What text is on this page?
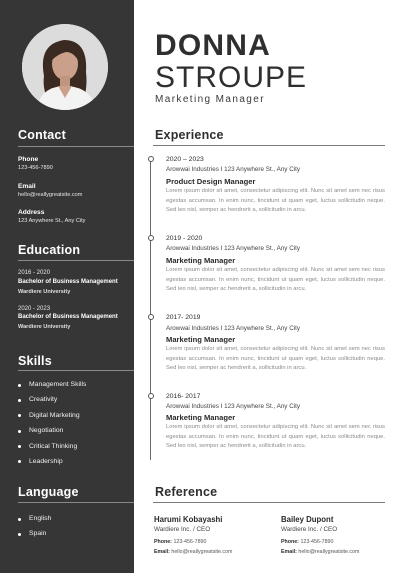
Contact
Phone
123-456-7890
Email
hello@reallygreatsite.com
Address
123 Anywhere St., Any City
Education
2016 - 2020
Bachelor of Business Management
Wardiere University
2020 - 2023
Bachelor of Business Management
Wardiere University
Skills
Management Skills
Creativity
Digital Marketing
Negotiation
Critical Thinking
Leadership
Language
English
Spain
DONNA
STROUPE
Marketing Manager
Experience
2020 – 2023
Arowwai Industries I 123 Anywhere St., Any City
Product Design Manager
Lorem ipsum dolor sit amet, consectetur adipiscing elit. Nunc sit amet sem nec risus egestas accumsan. In enim nunc, tincidunt ut quam eget, luctus sollicitudin neque. Sed leo nisl, semper ac hendrerit a, sollicitudin in arcu.
2019 - 2020
Arowwai Industries I 123 Anywhere St., Any City
Marketing Manager
Lorem ipsum dolor sit amet, consectetur adipiscing elit. Nunc sit amet sem nec risus egestas accumsan. In enim nunc, tincidunt ut quam eget, luctus sollicitudin neque. Sed leo nisl, semper ac hendrerit a, sollicitudin in arcu.
2017- 2019
Arowwai Industries I 123 Anywhere St., Any City
Marketing Manager
Lorem ipsum dolor sit amet, consectetur adipiscing elit. Nunc sit amet sem nec risus egestas accumsan. In enim nunc, tincidunt ut quam eget, luctus sollicitudin neque. Sed leo nisl, semper ac hendrerit a, sollicitudin in arcu.
2016- 2017
Arowwai Industries I 123 Anywhere St., Any City
Marketing Manager
Lorem ipsum dolor sit amet, consectetur adipiscing elit. Nunc sit amet sem nec risus egestas accumsan. In enim nunc, tincidunt ut quam eget, luctus sollicitudin neque. Sed leo nisl, semper ac hendrerit a, sollicitudin in arcu.
Reference
Harumi Kobayashi
Wardiere Inc. / CEO
Phone: 123-456-7890
Email: hello@reallygreatsite.com
Bailey Dupont
Wardiere Inc. / CEO
Phone: 123-456-7890
Email: hello@reallygreatsite.com
